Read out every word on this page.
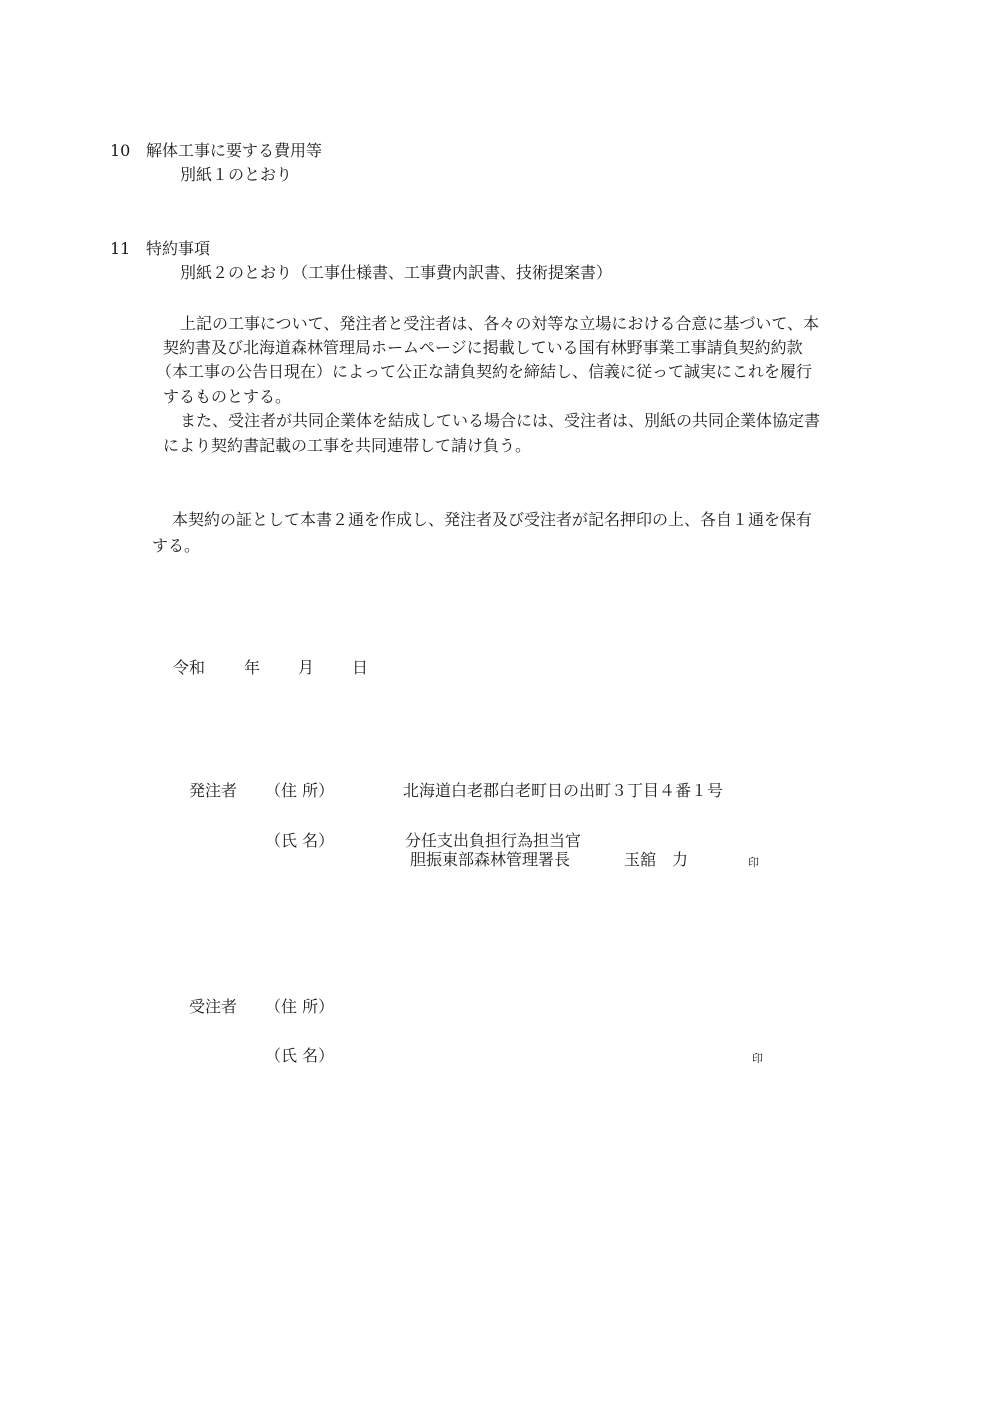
10 解体工事に要する費用等
別紙１のとおり
11 特約事項
別紙２のとおり（工事仕様書、工事費内訳書、技術提案書）
上記の工事について、発注者と受注者は、各々の対等な立場における合意に基づいて、本
契約書及び北海道森林管理局ホームページに掲載している国有林野事業工事請負契約約款
（本工事の公告日現在）によって公正な請負契約を締結し、信義に従って誠実にこれを履行
するものとする。
また、受注者が共同企業体を結成している場合には、受注者は、別紙の共同企業体協定書
により契約書記載の工事を共同連帯して請け負う。
本契約の証として本書２通を作成し、発注者及び受注者が記名押印の上、各自１通を保有
する。
令和 年 月 日
発注者 （住 所）	北海道白老郡白老町日の出町３丁目４番１号
（氏 名）	分任支出負担行為担当官
胆振東部森林管理署長	玉舘　力	印
受注者 （住 所）
（氏 名）	印
